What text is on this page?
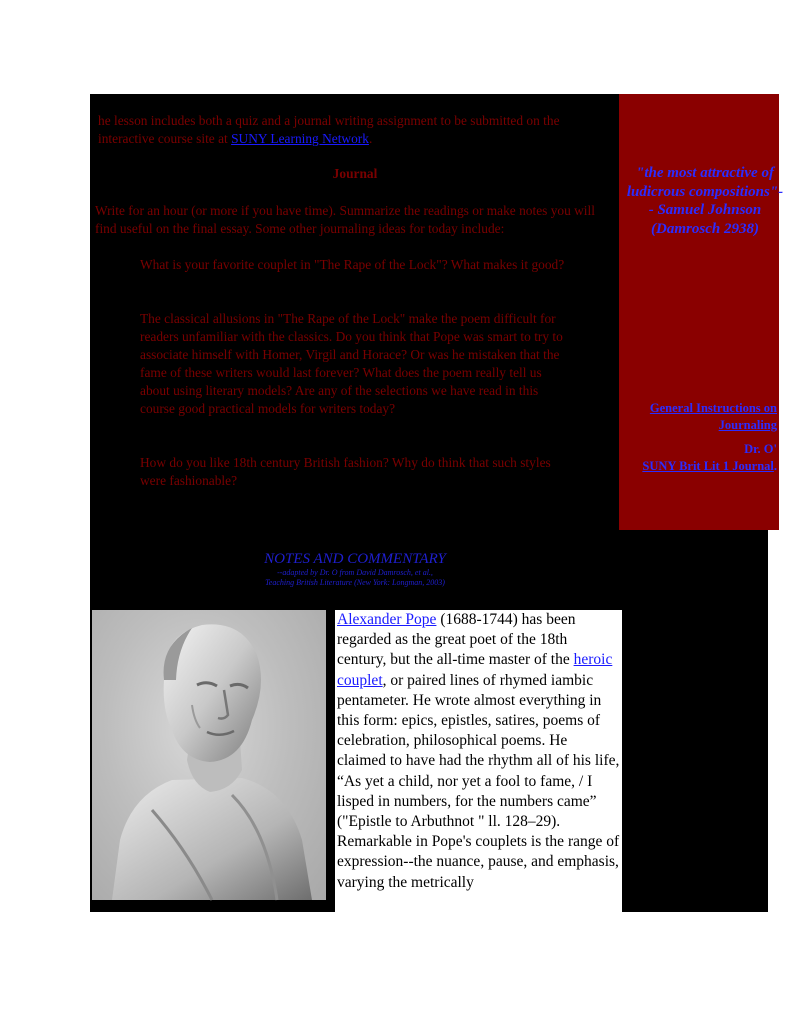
he lesson includes both a quiz and a journal writing assignment to be submitted on the interactive course site at SUNY Learning Network.
Journal
Write for an hour (or more if you have time). Summarize the readings or make notes you will find useful on the final essay. Some other journaling ideas for today include:
What is your favorite couplet in "The Rape of the Lock"? What makes it good?
The classical allusions in "The Rape of the Lock" make the poem difficult for readers unfamiliar with the classics. Do you think that Pope was smart to try to associate himself with Homer, Virgil and Horace? Or was he mistaken that the fame of these writers would last forever? What does the poem really tell us about using literary models? Are any of the selections we have read in this course good practical models for writers today?
How do you like 18th century British fashion? Why do think that such styles were fashionable?
"the most attractive of ludicrous compositions"-- Samuel Johnson (Damrosch 2938)
General Instructions on Journaling
Dr. O'
SUNY Brit Lit 1 Journal.
NOTES AND COMMENTARY
--adapted by Dr. O from David Damrosch, et al.,
Teaching British Literature (New York: Longman, 2003)
Alexander Pope (1688-1744) has been regarded as the great poet of the 18th century, but the all-time master of the heroic couplet, or paired lines of rhymed iambic pentameter. He wrote almost everything in this form: epics, epistles, satires, poems of celebration, philosophical poems. He claimed to have had the rhythm all of his life, “As yet a child, nor yet a fool to fame, / I lisped in numbers, for the numbers came” ("Epistle to Arbuthnot " ll. 128–29). Remarkable in Pope's couplets is the range of expression--the nuance, pause, and emphasis, varying the metrically
